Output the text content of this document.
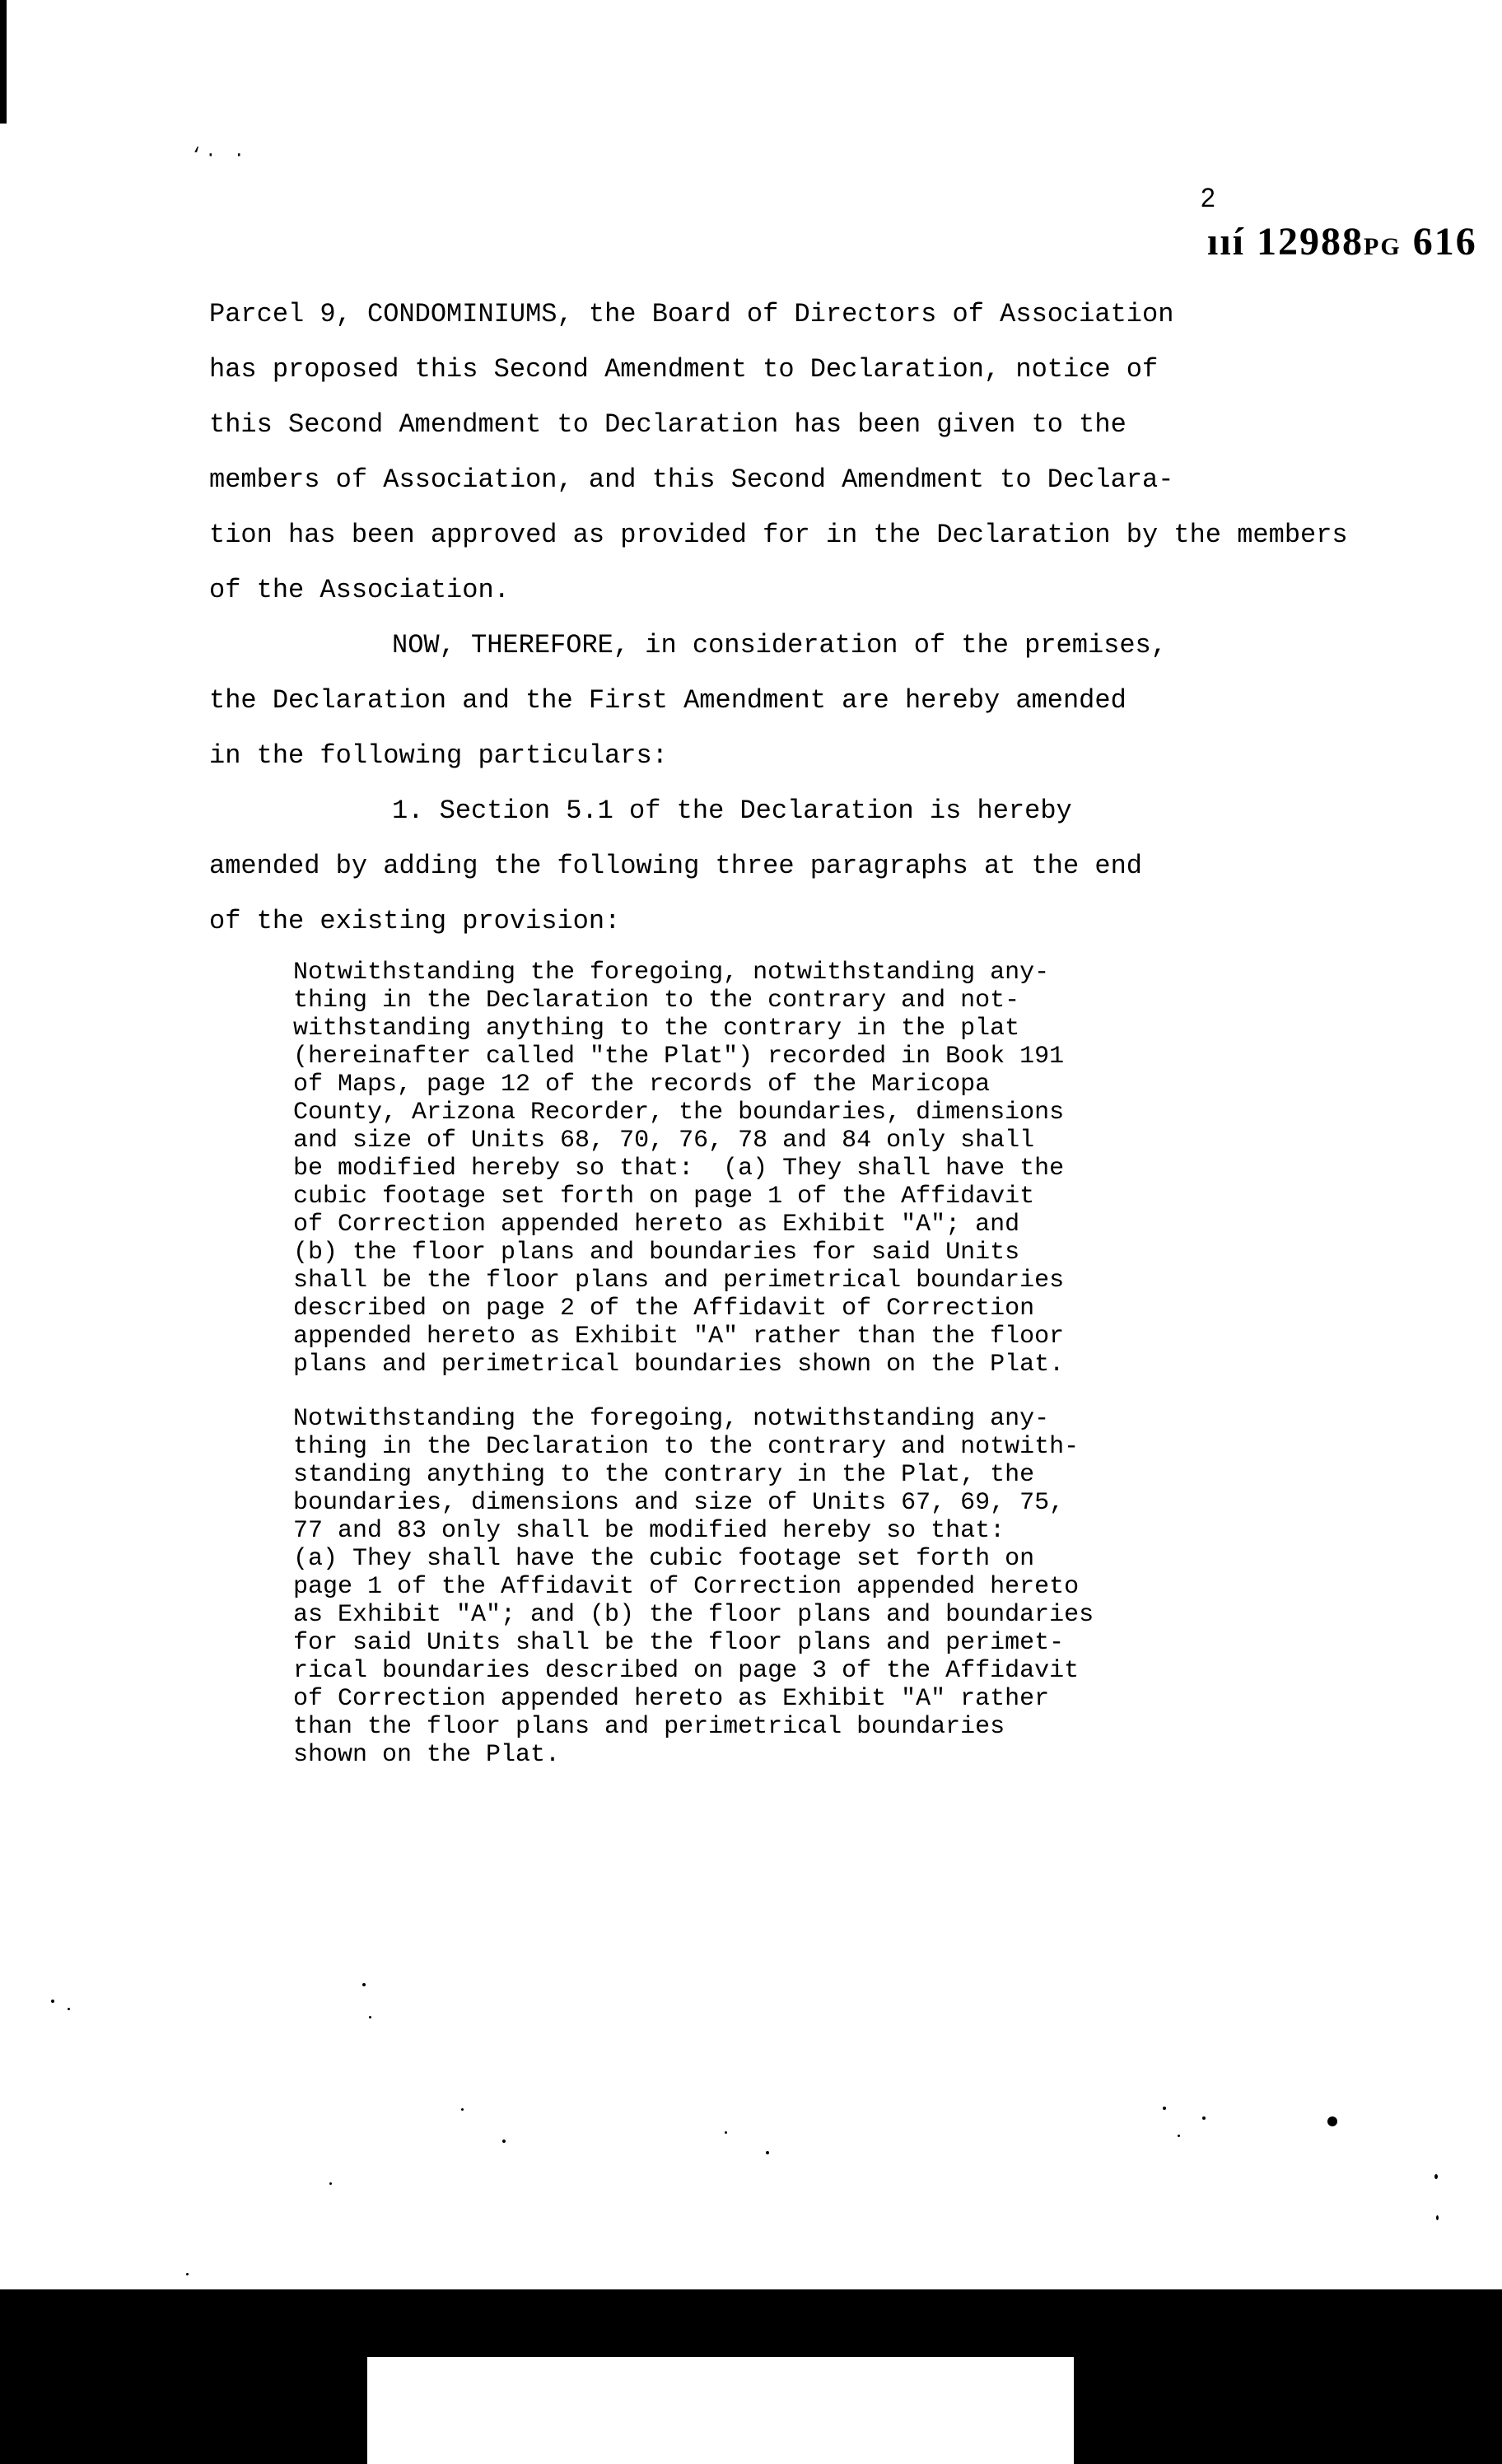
‘· ·
2
ııí 12988PG 616

Parcel 9, CONDOMINIUMS, the Board of Directors of Association

has proposed this Second Amendment to Declaration, notice of

this Second Amendment to Declaration has been given to the

members of Association, and this Second Amendment to Declara-

tion has been approved as provided for in the Declaration by the members

of the Association.

NOW, THEREFORE, in consideration of the premises,

the Declaration and the First Amendment are hereby amended

in the following particulars:

1. Section 5.1 of the Declaration is hereby

amended by adding the following three paragraphs at the end

of the existing provision:

Notwithstanding the foregoing, notwithstanding any-

thing in the Declaration to the contrary and not-

withstanding anything to the contrary in the plat

(hereinafter called "the Plat") recorded in Book 191

of Maps, page 12 of the records of the Maricopa

County, Arizona Recorder, the boundaries, dimensions

and size of Units 68, 70, 76, 78 and 84 only shall

be modified hereby so that:  (a) They shall have the

cubic footage set forth on page 1 of the Affidavit

of Correction appended hereto as Exhibit "A"; and

(b) the floor plans and boundaries for said Units

shall be the floor plans and perimetrical boundaries

described on page 2 of the Affidavit of Correction

appended hereto as Exhibit "A" rather than the floor

plans and perimetrical boundaries shown on the Plat.

Notwithstanding the foregoing, notwithstanding any-

thing in the Declaration to the contrary and notwith-

standing anything to the contrary in the Plat, the

boundaries, dimensions and size of Units 67, 69, 75,

77 and 83 only shall be modified hereby so that:

(a) They shall have the cubic footage set forth on

page 1 of the Affidavit of Correction appended hereto

as Exhibit "A"; and (b) the floor plans and boundaries

for said Units shall be the floor plans and perimet-

rical boundaries described on page 3 of the Affidavit

of Correction appended hereto as Exhibit "A" rather

than the floor plans and perimetrical boundaries

shown on the Plat.
